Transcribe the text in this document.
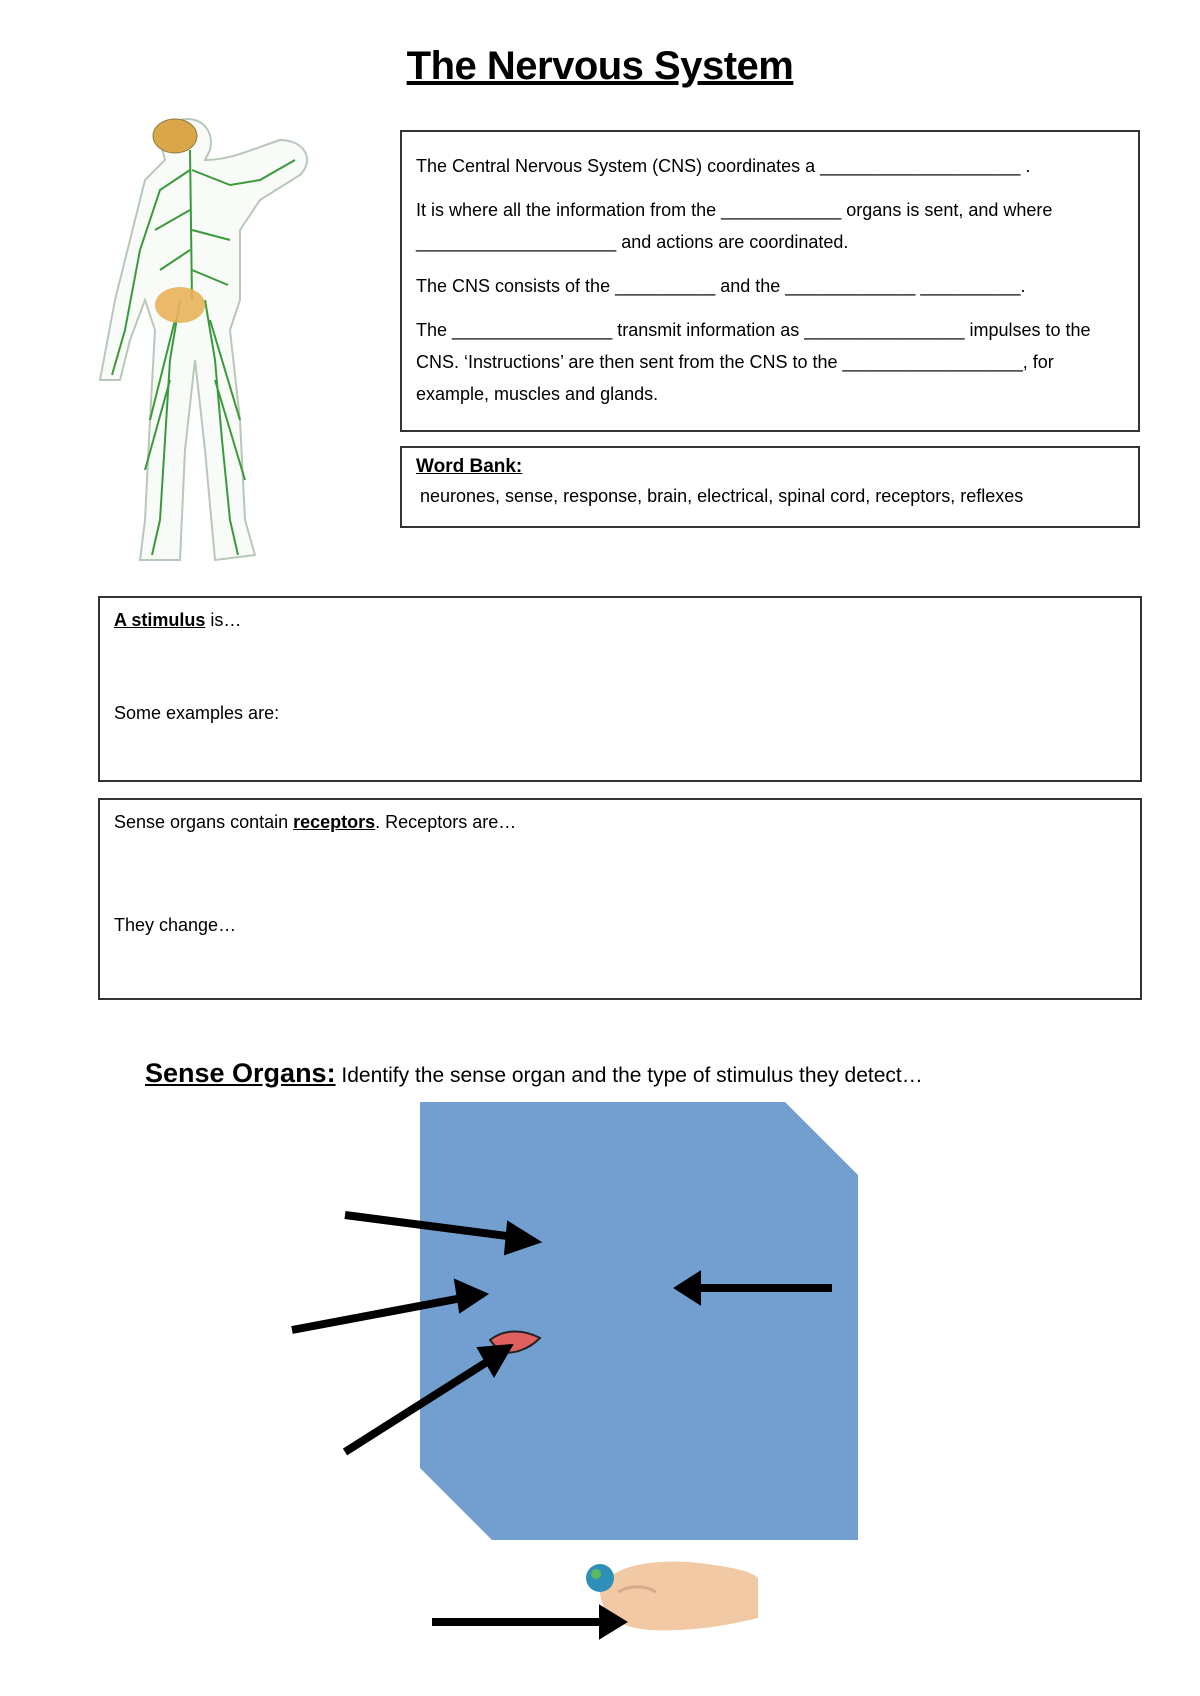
The Nervous System

The Central Nervous System (CNS) coordinates a ____________________ .

It is where all the information from the ____________ organs is sent, and where ____________________ and actions are coordinated.

The CNS consists of the __________ and the _____________ __________.

The ________________ transmit information as ________________ impulses to the CNS. ‘Instructions’ are then sent from the CNS to the __________________, for example, muscles and glands.

Word Bank:
neurones, sense, response, brain, electrical, spinal cord, receptors, reflexes
A stimulus is…
Some examples are:
Sense organs contain receptors. Receptors are…
They change…
Sense Organs: Identify the sense organ and the type of stimulus they detect…
